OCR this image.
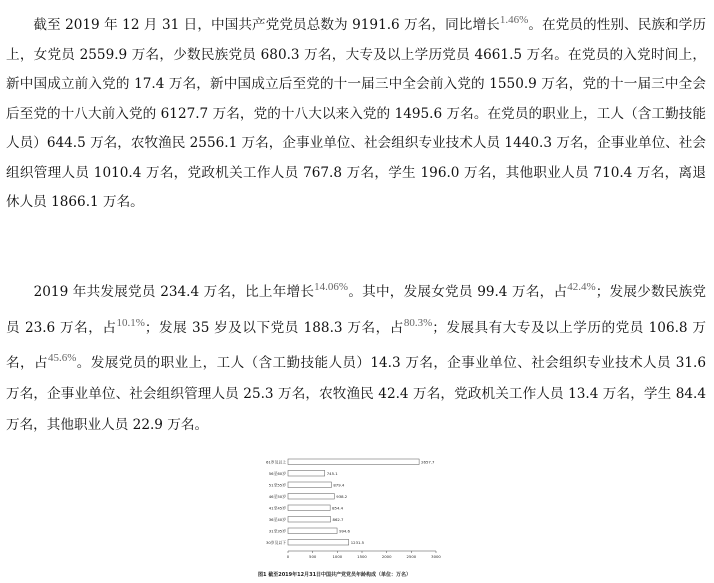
　　截至 2019 年 12 月 31 日，中国共产党党员总数为 9191.6 万名，同比增长$^{1.46\%}$。在党员的性别、民族和学历上，女党员 2559.9 万名，少数民族党员 680.3 万名，大专及以上学历党员 4661.5 万名。在党员的入党时间上，新中国成立前入党的 17.4 万名，新中国成立后至党的十一届三中全会前入党的 1550.9 万名，党的十一届三中全会后至党的十八大前入党的 6127.7 万名，党的十八大以来入党的 1495.6 万名。在党员的职业上，工人（含工勤技能人员）644.5 万名，农牧渔民 2556.1 万名，企事业单位、社会组织专业技术人员 1440.3 万名，企事业单位、社会组织管理人员 1010.4 万名，党政机关工作人员 767.8 万名，学生 196.0 万名，其他职业人员 710.4 万名，离退休人员 1866.1 万名。

　　2019 年共发展党员 234.4 万名，比上年增长$^{14.06\%}$。其中，发展女党员 99.4 万名，占$^{42.4\%}$；发展少数民族党员 23.6 万名，占$^{10.1\%}$；发展 35 岁及以下党员 188.3 万名，占$^{80.3\%}$；发展具有大专及以上学历的党员 106.8 万名，占$^{45.6\%}$。发展党员的职业上，工人（含工勤技能人员）14.3 万名，企事业单位、社会组织专业技术人员 31.6 万名，企事业单位、社会组织管理人员 25.3 万名，农牧渔民 42.4 万名，党政机关工作人员 13.4 万名，学生 84.4 万名，其他职业人员 22.9 万名。

61岁及以上	2657.7
56至60岁	745.1
51至55岁	879.4
46至50岁	938.2
41至45岁	854.4
36至40岁	862.7
31至35岁	994.6
30岁及以下	1231.5
0	500	1000	1500	2000	2500	3000
图1 截至2019年12月31日中国共产党党员年龄构成（单位：万名）
